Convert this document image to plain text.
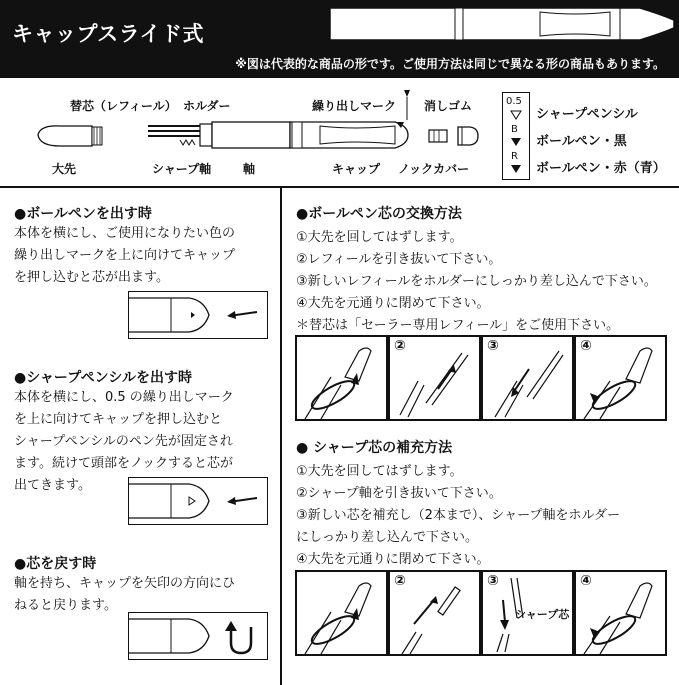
キャップスライド式
※図は代表的な商品の形です。ご使用方法は同じで異なる形の商品もあります。
替芯（レフィール） ホルダー
大先	シャープ軸	軸
繰り出しマーク 消しゴム
キャップ ノックカバー
0.5
B
R
シャープペンシル
ボールペン・黒
ボールペン・赤（青）
●ボールペンを出す時
本体を横にし、ご使用になりたい色の
繰り出しマークを上に向けてキャップ
を押し込むと芯が出ます。
●シャープペンシルを出す時
本体を横にし、0.5 の繰り出しマーク
を上に向けてキャップを押し込むと
シャープペンシルのペン先が固定され
ます。続けて頭部をノックすると芯が
出てきます。
●芯を戻す時
軸を持ち、キャップを矢印の方向にひ
ねると戻ります。
●ボールペン芯の交換方法
①大先を回してはずします。
②レフィールを引き抜いて下さい。
③新しいレフィールをホルダーにしっかり差し込んで下さい。
④大先を元通りに閉めて下さい。
＊替芯は「セーラー専用レフィール」をご使用下さい。
②	③	④
● シャープ芯の補充方法
①大先を回してはずします。
②シャープ軸を引き抜いて下さい。
③新しい芯を補充し（2本まで）、シャープ軸をホルダー
にしっかり差し込んで下さい。
④大先を元通りに閉めて下さい。
②	③
シャープ芯
④
